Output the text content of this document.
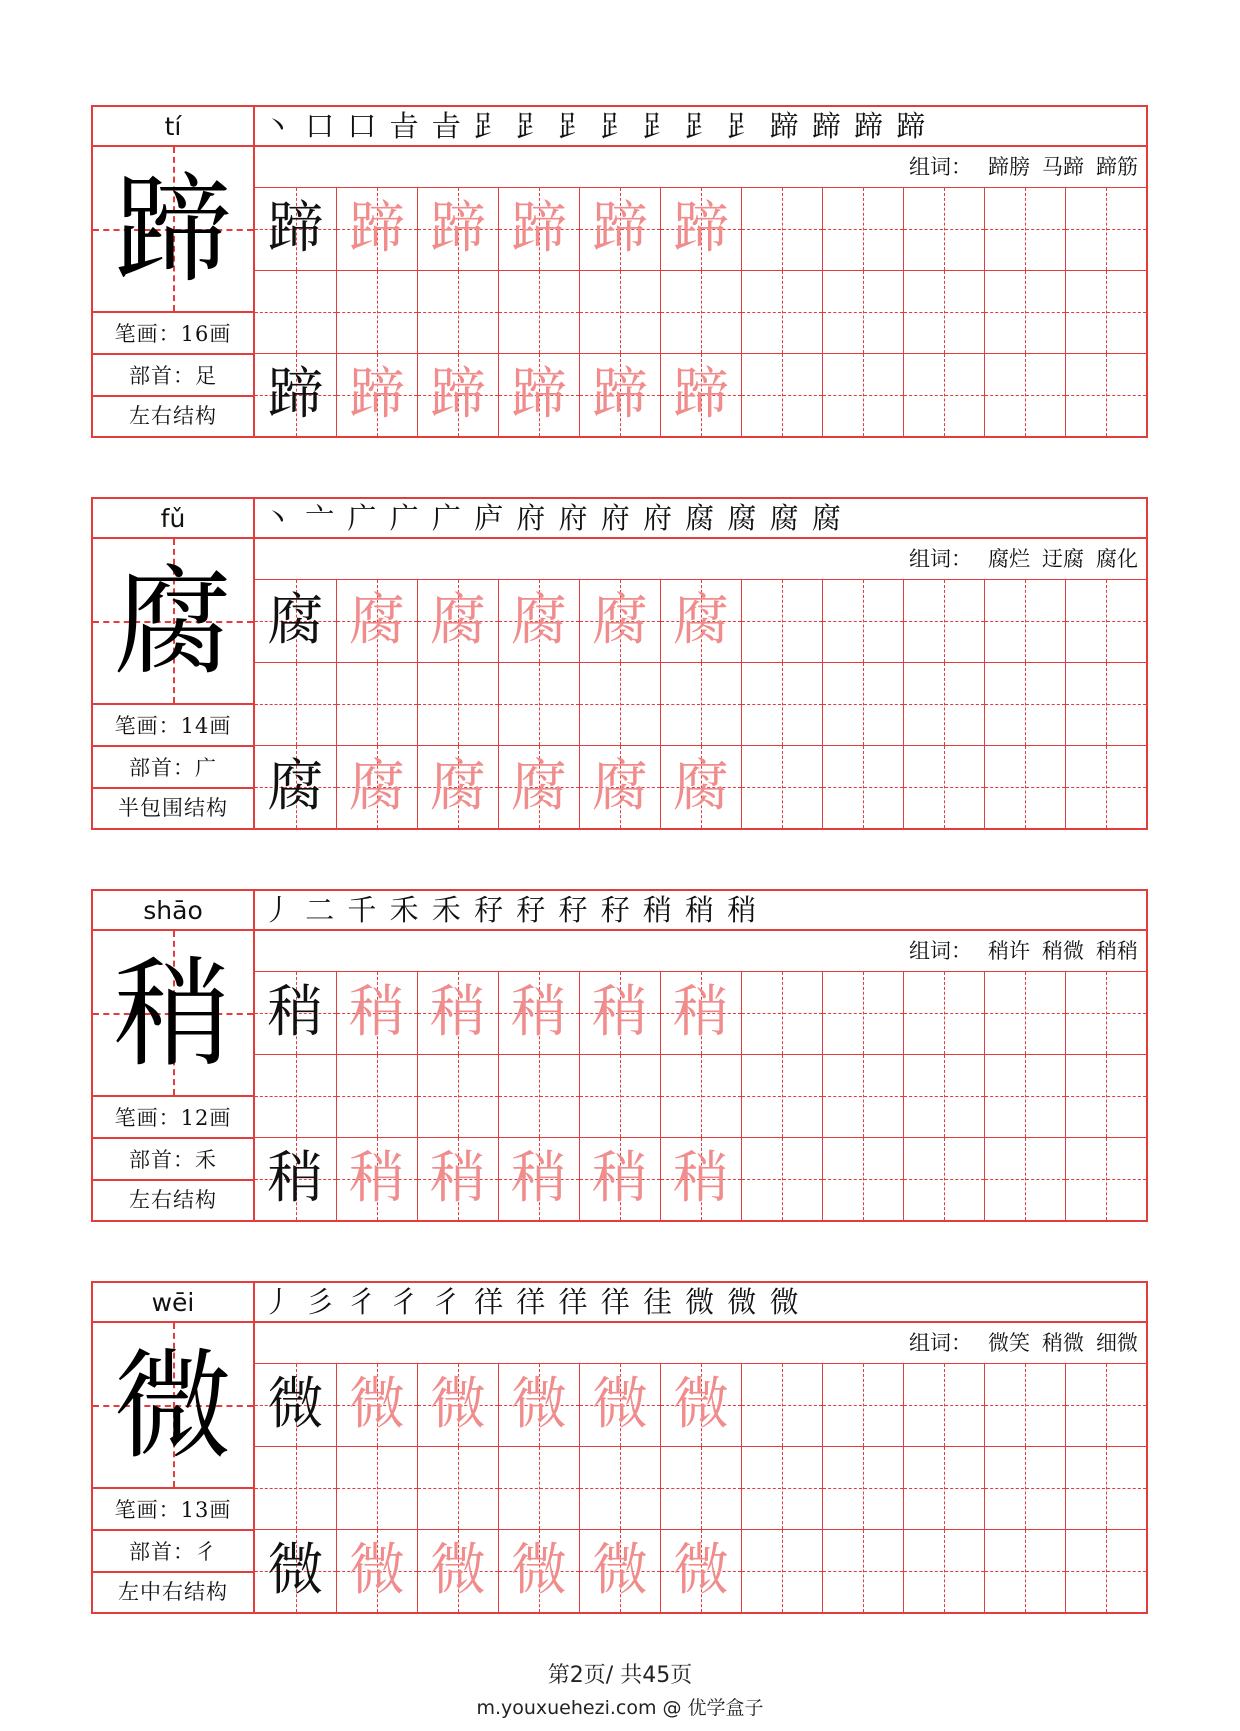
tí
蹄
笔画：16画
部首：足
左右结构
丶 口 口 㫖 㫖 𧾷 𧾷 𧾷 𧾷 𧾷 𧾷 𧾷 蹄 蹄 蹄 蹄
组词： 蹄膀 马蹄 蹄筋
蹄 蹄 蹄 蹄 蹄 蹄
蹄 蹄 蹄 蹄 蹄 蹄
fǔ
腐
笔画：14画
部首：广
半包围结构
丶 亠 广 广 广 庐 府 府 府 府 腐 腐 腐 腐
组词： 腐烂 迂腐 腐化
腐 腐 腐 腐 腐 腐
腐 腐 腐 腐 腐 腐
shāo
稍
笔画：12画
部首：禾
左右结构
丿 二 千 禾 禾 秄 秄 秄 秄 稍 稍 稍
组词： 稍许 稍微 稍稍
稍 稍 稍 稍 稍 稍
稍 稍 稍 稍 稍 稍
wēi
微
笔画：13画
部首：彳
左中右结构
丿 彡 彳 彳 彳 徉 徉 徉 徉 徍 微 微 微
组词： 微笑 稍微 细微
微 微 微 微 微 微
微 微 微 微 微 微
第2页/ 共45页
m.youxuehezi.com @ 优学盒子
